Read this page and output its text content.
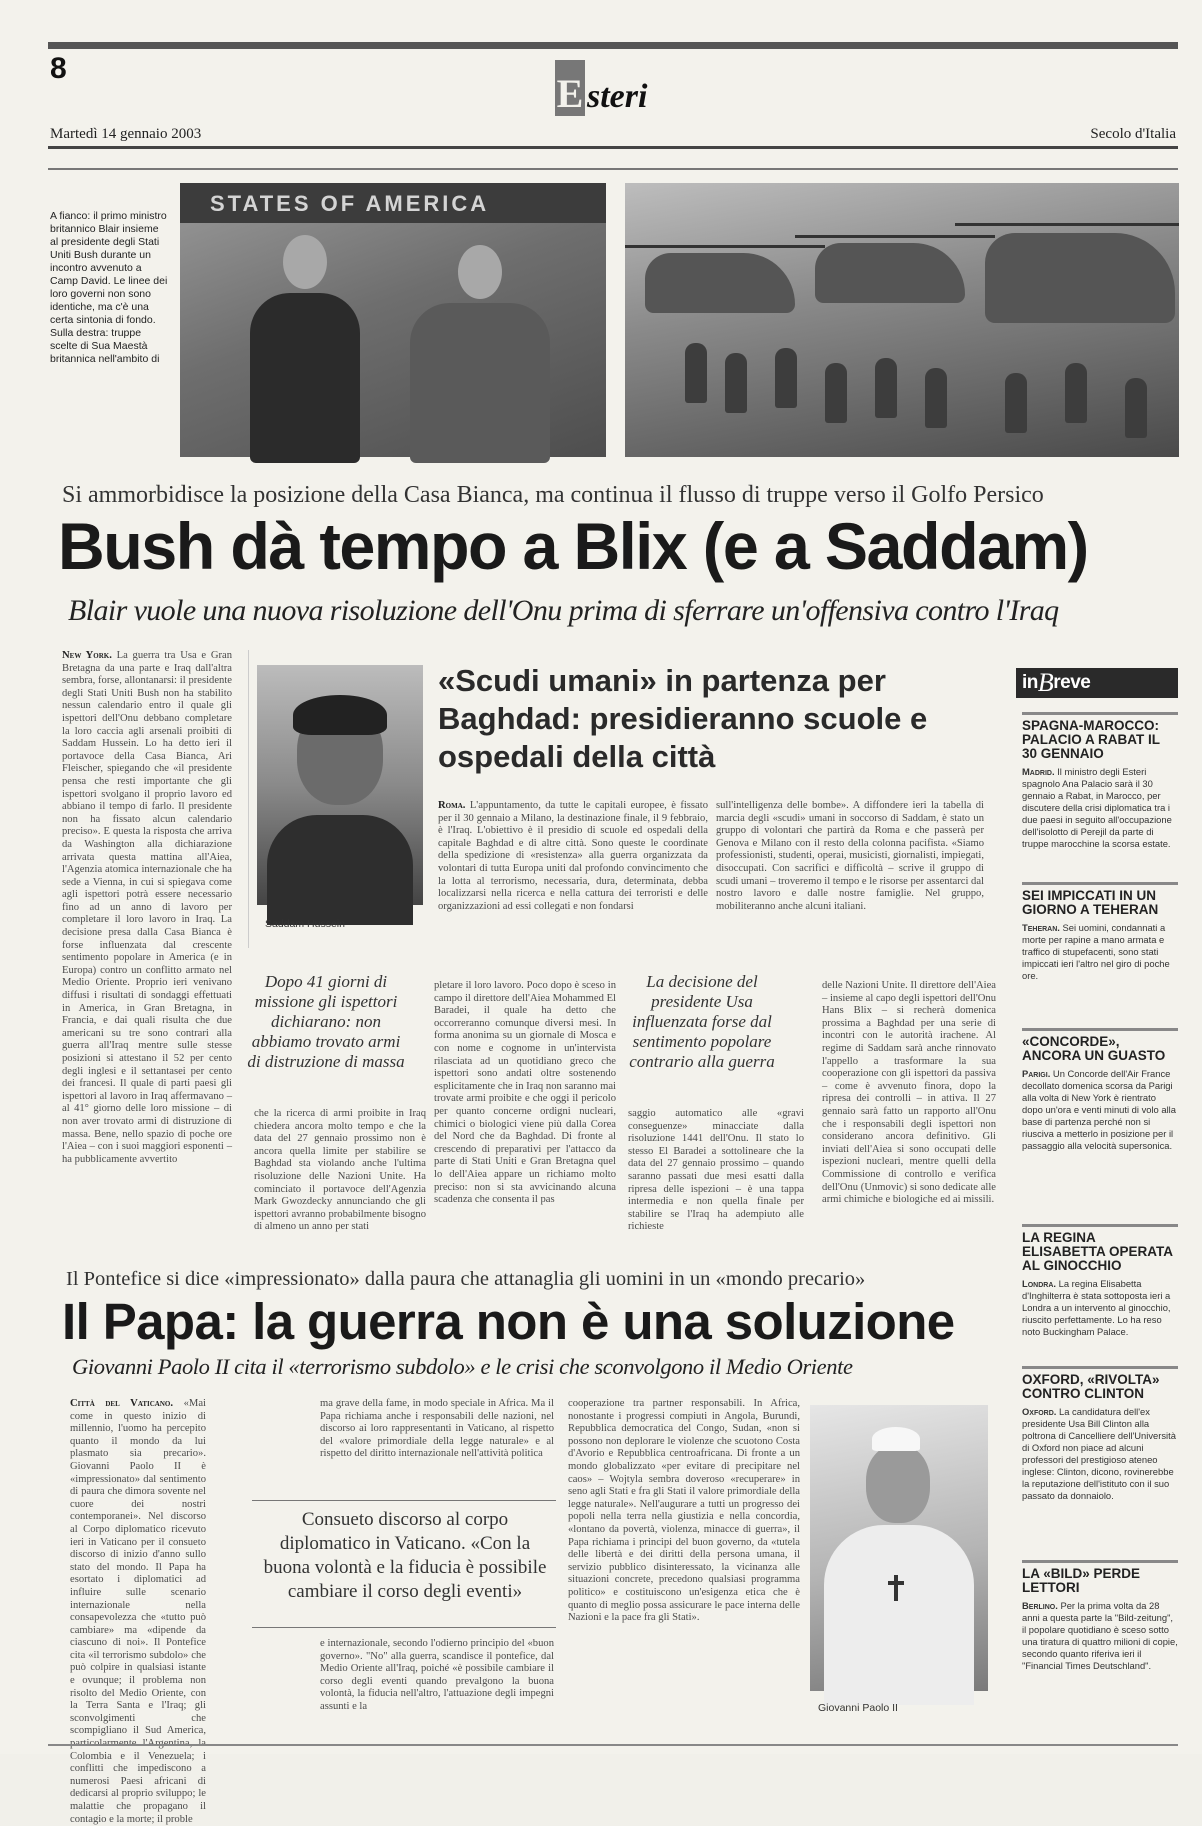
8
E steri
Martedì 14 gennaio 2003	Secolo d'Italia
A fianco: il primo ministro britannico Blair insieme al presidente degli Stati Uniti Bush durante un incontro avvenuto a Camp David. Le linee dei loro governi non sono identiche, ma c'è una certa sintonia di fondo. Sulla destra: truppe scelte di Sua Maestà britannica nell'ambito di
STATES OF AMERICA
Si ammorbidisce la posizione della Casa Bianca, ma continua il flusso di truppe verso il Golfo Persico
Bush dà tempo a Blix (e a Saddam)
Blair vuole una nuova risoluzione dell'Onu prima di sferrare un'offensiva contro l'Iraq
New York. La guerra tra Usa e Gran Bretagna da una parte e Iraq dall'altra sembra, forse, allontanarsi: il presidente degli Stati Uniti Bush non ha stabilito nessun calendario entro il quale gli ispettori dell'Onu debbano completare la loro caccia agli arsenali proibiti di Saddam Hussein. Lo ha detto ieri il portavoce della Casa Bianca, Ari Fleischer, spiegando che «il presidente pensa che resti importante che gli ispettori svolgano il proprio lavoro ed abbiano il tempo di farlo. Il presidente non ha fissato alcun calendario preciso». E questa la risposta che arriva da Washington alla dichiarazione arrivata questa mattina all'Aiea, l'Agenzia atomica internazionale che ha sede a Vienna, in cui si spiegava come agli ispettori potrà essere necessario fino ad un anno di lavoro per completare il loro lavoro in Iraq. La decisione presa dalla Casa Bianca è forse influenzata dal crescente sentimento popolare in America (e in Europa) contro un conflitto armato nel Medio Oriente. Proprio ieri venivano diffusi i risultati di sondaggi effettuati in America, in Gran Bretagna, in Francia, e dai quali risulta che due americani su tre sono contrari alla guerra all'Iraq mentre sulle stesse posizioni si attestano il 52 per cento degli inglesi e il settantasei per cento dei francesi. Il quale di parti paesi gli ispettori al lavoro in Iraq affermavano – al 41° giorno delle loro missione – di non aver trovato armi di distruzione di massa. Bene, nello spazio di poche ore l'Aiea – con i suoi maggiori esponenti – ha pubblicamente avvertito
Saddam Hussein
«Scudi umani» in partenza per Baghdad: presidieranno scuole e ospedali della città
Roma. L'appuntamento, da tutte le capitali europee, è fissato per il 30 gennaio a Milano, la destinazione finale, il 9 febbraio, è l'Iraq. L'obiettivo è il presidio di scuole ed ospedali della capitale Baghdad e di altre città. Sono queste le coordinate della spedizione di «resistenza» alla guerra organizzata da volontari di tutta Europa uniti dal profondo convincimento che la lotta al terrorismo, necessaria, dura, determinata, debba localizzarsi nella ricerca e nella cattura dei terroristi e delle organizzazioni ad essi collegati e non fondarsi
sull'intelligenza delle bombe». A diffondere ieri la tabella di marcia degli «scudi» umani in soccorso di Saddam, è stato un gruppo di volontari che partirà da Roma e che passerà per Genova e Milano con il resto della colonna pacifista. «Siamo professionisti, studenti, operai, musicisti, giornalisti, impiegati, disoccupati. Con sacrifici e difficoltà – scrive il gruppo di scudi umani – troveremo il tempo e le risorse per assentarci dal nostro lavoro e dalle nostre famiglie. Nel gruppo, mobiliteranno anche alcuni italiani.
Dopo 41 giorni di missione gli ispettori dichiarano: non abbiamo trovato armi di distruzione di massa
La decisione del presidente Usa influenzata forse dal sentimento popolare contrario alla guerra
che la ricerca di armi proibite in Iraq chiedera ancora molto tempo e che la data del 27 gennaio prossimo non è ancora quella limite per stabilire se Baghdad sta violando anche l'ultima risoluzione delle Nazioni Unite. Ha cominciato il portavoce dell'Agenzia Mark Gwozdecky annunciando che gli ispettori avranno probabilmente bisogno di almeno un anno per stati
pletare il loro lavoro. Poco dopo è sceso in campo il direttore dell'Aiea Mohammed El Baradei, il quale ha detto che occorreranno comunque diversi mesi. In forma anonima su un giornale di Mosca e con nome e cognome in un'intervista rilasciata ad un quotidiano greco che ispettori sono andati oltre sostenendo esplicitamente che in Iraq non saranno mai trovate armi proibite e che oggi il pericolo per quanto concerne ordigni nucleari, chimici o biologici viene più dalla Corea del Nord che da Baghdad. Di fronte al crescendo di preparativi per l'attacco da parte di Stati Uniti e Gran Bretagna quel lo dell'Aiea appare un richiamo molto preciso: non si sta avvicinando alcuna scadenza che consenta il pas
saggio automatico alle «gravi conseguenze» minacciate dalla risoluzione 1441 dell'Onu. Il stato lo stesso El Baradei a sottolineare che la data del 27 gennaio prossimo – quando saranno passati due mesi esatti dalla ripresa delle ispezioni – è una tappa intermedia e non quella finale per stabilire se l'Iraq ha adempiuto alle richieste
delle Nazioni Unite. Il direttore dell'Aiea – insieme al capo degli ispettori dell'Onu Hans Blix – si recherà domenica prossima a Baghdad per una serie di incontri con le autorità irachene. Al regime di Saddam sarà anche rinnovato l'appello a trasformare la sua cooperazione con gli ispettori da passiva – come è avvenuto finora, dopo la ripresa dei controlli – in attiva. Il 27 gennaio sarà fatto un rapporto all'Onu che i responsabili degli ispettori non considerano ancora definitivo. Gli inviati dell'Aiea si sono occupati delle ispezioni nucleari, mentre quelli della Commissione di controllo e verifica dell'Onu (Unmovic) si sono dedicate alle armi chimiche e biologiche ed ai missili.
in B reve
SPAGNA-MAROCCO: PALACIO A RABAT IL 30 GENNAIO
Madrid. Il ministro degli Esteri spagnolo Ana Palacio sarà il 30 gennaio a Rabat, in Marocco, per discutere della crisi diplomatica tra i due paesi in seguito all'occupazione dell'isolotto di Perejil da parte di truppe marocchine la scorsa estate.
SEI IMPICCATI IN UN GIORNO A TEHERAN
Teheran. Sei uomini, condannati a morte per rapine a mano armata e traffico di stupefacenti, sono stati impiccati ieri l'altro nel giro di poche ore.
«CONCORDE», ANCORA UN GUASTO
Parigi. Un Concorde dell'Air France decollato domenica scorsa da Parigi alla volta di New York è rientrato dopo un'ora e venti minuti di volo alla base di partenza perché non si riusciva a metterlo in posizione per il passaggio alla velocità supersonica.
LA REGINA ELISABETTA OPERATA AL GINOCCHIO
Londra. La regina Elisabetta d'Inghilterra è stata sottoposta ieri a Londra a un intervento al ginocchio, riuscito perfettamente. Lo ha reso noto Buckingham Palace.
OXFORD, «RIVOLTA» CONTRO CLINTON
Oxford. La candidatura dell'ex presidente Usa Bill Clinton alla poltrona di Cancelliere dell'Università di Oxford non piace ad alcuni professori del prestigioso ateneo inglese: Clinton, dicono, rovinerebbe la reputazione dell'istituto con il suo passato da donnaiolo.
LA «BILD» PERDE LETTORI
Berlino. Per la prima volta da 28 anni a questa parte la "Bild-zeitung", il popolare quotidiano è sceso sotto una tiratura di quattro milioni di copie, secondo quanto riferiva ieri il "Financial Times Deutschland".
Il Pontefice si dice «impressionato» dalla paura che attanaglia gli uomini in un «mondo precario»
Il Papa: la guerra non è una soluzione
Giovanni Paolo II cita il «terrorismo subdolo» e le crisi che sconvolgono il Medio Oriente
Città del Vaticano. «Mai come in questo inizio di millennio, l'uomo ha percepito quanto il mondo da lui plasmato sia precario». Giovanni Paolo II è «impressionato» dal sentimento di paura che dimora sovente nel cuore dei nostri contemporanei». Nel discorso al Corpo diplomatico ricevuto ieri in Vaticano per il consueto discorso di inizio d'anno sullo stato del mondo. Il Papa ha esortato i diplomatici ad influire sulle scenario internazionale nella consapevolezza che «tutto può cambiare» ma «dipende da ciascuno di noi». Il Pontefice cita «il terrorismo subdolo» che può colpire in qualsiasi istante e ovunque; il problema non risolto del Medio Oriente, con la Terra Santa e l'Iraq; gli sconvolgimenti che scompigliano il Sud America, Colombia e il Venezuela; i conflitti che impediscono a numerosi Paesi africani di dedicarsi al proprio sviluppo; le malattie che propagano il contagio e la morte; il proble
ma grave della fame, in modo speciale in Africa. Ma il Papa richiama anche i responsabili delle nazioni, nel discorso ai loro rappresentanti in Vaticano, al rispetto del «valore primordiale della legge naturale» e al rispetto del diritto internazionale nell'attività politica
cooperazione tra partner responsabili. In Africa, nonostante i progressi compiuti in Angola, Burundi, Repubblica democratica del Congo, Sudan, «non si possono non deplorare le violenze che scuotono Costa d'Avorio e Repubblica centroafricana. Di fronte a un mondo globalizzato «per evitare di precipitare nel caos» – Wojtyla sembra doveroso «recuperare» in seno agli Stati e fra gli Stati il valore primordiale della legge naturale». Nell'augurare a tutti un progresso dei popoli nella terra nella giustizia e nella concordia, «lontano da povertà, violenza, minacce di guerra», il Papa richiama i principi del buon governo, da «tutela delle libertà e dei diritti della persona umana, il servizio pubblico disinteressato, la vicinanza alle situazioni concrete, precedono qualsiasi programma politico» e costituiscono un'esigenza etica che è quanto di meglio possa assicurare le pace interna delle Nazioni e la pace fra gli Stati».
e internazionale, secondo l'odierno principio del «buon governo». "No" alla guerra, scandisce il pontefice, dal Medio Oriente all'Iraq, poiché «è possibile cambiare il corso degli eventi quando prevalgono la buona volontà, la fiducia nell'altro, l'attuazione degli impegni assunti e la
Consueto discorso al corpo diplomatico in Vaticano. «Con la buona volontà e la fiducia è possibile cambiare il corso degli eventi»
Giovanni Paolo II
